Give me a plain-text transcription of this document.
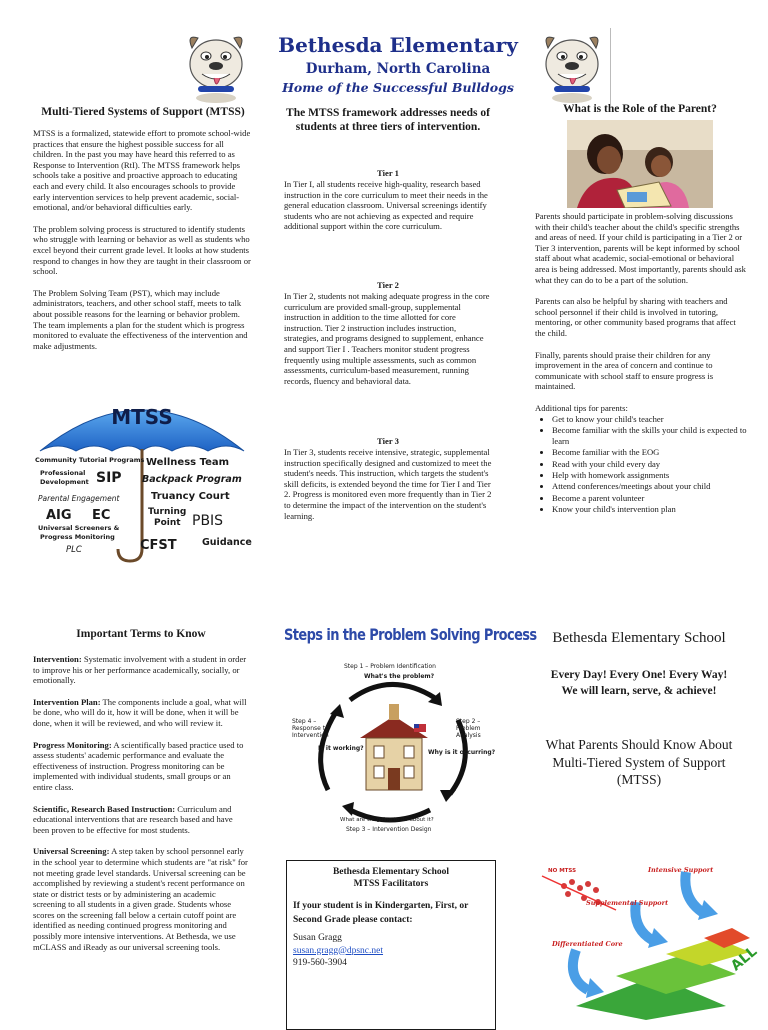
Bethesda Elementary
Durham, North Carolina
Home of the Successful Bulldogs
Multi-Tiered Systems of Support (MTSS)

MTSS is a formalized, statewide effort to promote school-wide practices that ensure the highest possible success for all children. In the past you may have heard this referred to as Response to Intervention (RtI). The MTSS framework helps schools take a positive and proactive approach to educating each and every child. It also encourages schools to provide early intervention services to help prevent academic, social-emotional, and/or behavioral difficulties early.

The problem solving process is structured to identify students who struggle with learning or behavior as well as students who excel beyond their current grade level. It looks at how students respond to changes in how they are taught in their classroom or school.

The Problem Solving Team (PST), which may include administrators, teachers, and other school staff, meets to talk about possible reasons for the learning or behavior problem. The team implements a plan for the student which is progress monitored to evaluate the effectiveness of the intervention and make adjustments.

MTSS
Community Tutorial Programs Wellness Team
Professional
Development SIP Backpack Program
Parental Engagement	Truancy Court
AIG EC	Turning
Point PBIS
Universal Screeners &
Progress Monitoring
PLC	CFST	Guidance
The MTSS framework addresses needs of students at three tiers of intervention.
Tier 1

In Tier I, all students receive high-quality, research based instruction in the core curriculum to meet their needs in the general education classroom. Universal screenings identify students who are not achieving as expected and require additional support within the core curriculum.

Tier 2

In Tier 2, students not making adequate progress in the core curriculum are provided small-group, supplemental instruction in addition to the time allotted for core instruction. Tier 2 instruction includes instruction, strategies, and programs designed to supplement, enhance and support Tier I . Teachers monitor student progress frequently using multiple assessments, such as common assessments, curriculum-based measurement, running records, fluency and behavioral data.

Tier 3

In Tier 3, students receive intensive, strategic, supplemental instruction specifically designed and customized to meet the student's needs. This instruction, which targets the student's skill deficits, is extended beyond the time for Tier I and Tier 2. Progress is monitored even more frequently than in Tier 2 to determine the impact of the intervention on the student's learning.

What is the Role of the Parent?

Parents should participate in problem-solving discussions with their child's teacher about the child's specific strengths and areas of need. If your child is participating in a Tier 2 or Tier 3 intervention, parents will be kept informed by school staff about what academic, social-emotional or behavioral area is being addressed. Most importantly, parents should ask what they can do to be a part of the solution.

Parents can also be helpful by sharing with teachers and school personnel if their child is involved in tutoring, mentoring, or other community based programs that affect the child.

Finally, parents should praise their children for any improvement in the area of concern and continue to communicate with school staff to ensure progress is maintained.

Additional tips for parents:

• Get to know your child's teacher
• Become familiar with the skills your child is expected to learn
• Become familiar with the EOG
• Read with your child every day
• Help with homework assignments
• Attend conferences/meetings about your child
• Become a parent volunteer
• Know your child's intervention plan
Important Terms to Know

Intervention: Systematic involvement with a student in order to improve his or her performance academically, socially, or emotionally.

Intervention Plan: The components include a goal, what will be done, who will do it, how it will be done, when it will be done, when it will be reviewed, and who will review it.

Progress Monitoring: A scientifically based practice used to assess students' academic performance and evaluate the effectiveness of instruction. Progress monitoring can be implemented with individual students, small groups or an entire class.

Scientific, Research Based Instruction: Curriculum and educational interventions that are research based and have been proven to be effective for most students.

Universal Screening: A step taken by school personnel early in the school year to determine which students are "at risk" for not meeting grade level standards. Universal screening can be accomplished by reviewing a student's recent performance on state or district tests or by administering an academic screening to all students in a given grade. Students whose scores on the screening fall below a certain cutoff point are identified as needing continued progress monitoring and possibly more intensive interventions. At Bethesda, we use mCLASS and iReady as our universal screening tools.

Steps in the Problem Solving Process
Step 1 – Problem Identification
What's the problem?
Step 2 –
Problem
Analysis
Why is it occurring?
Step 4 –
Response to
Intervention
Is it working?
What are we going to do about it?
Step 3 – Intervention Design
Bethesda Elementary School
MTSS Facilitators
If your student is in Kindergarten, First, or Second Grade please contact:
Susan Gragg
susan.gragg@dpsnc.net
919-560-3904
Bethesda Elementary School
Every Day! Every One! Every Way!
We will learn, serve, & achieve!
What Parents Should Know About Multi-Tiered System of Support (MTSS)
NO MTSS	Intensive Support
Supplemental Support
Differentiated Core	ALL
